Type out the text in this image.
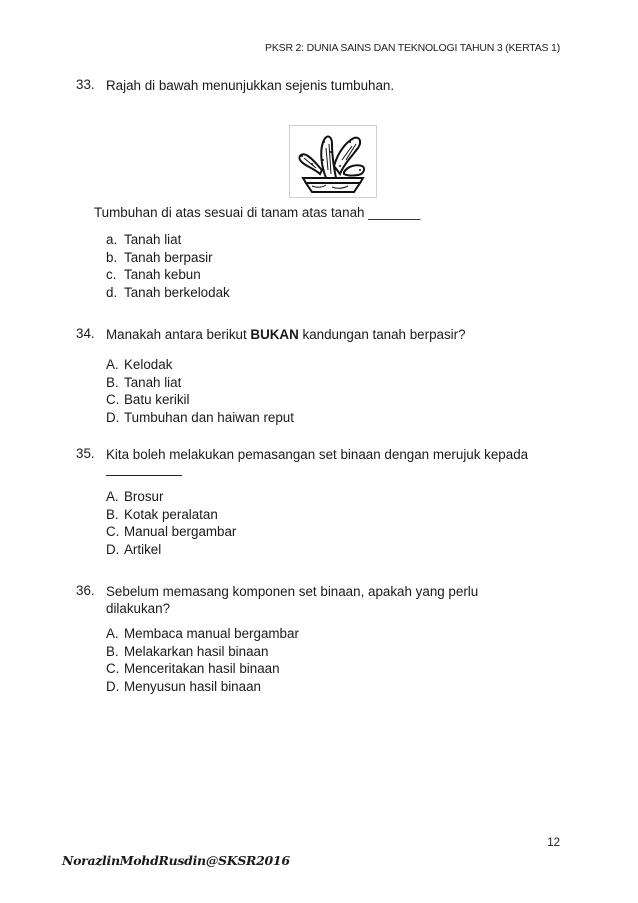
PKSR 2: DUNIA SAINS DAN TEKNOLOGI TAHUN 3 (KERTAS 1)
33. Rajah di bawah menunjukkan sejenis tumbuhan.
Tumbuhan di atas sesuai di tanam atas tanah _______
a. Tanah liat
b. Tanah berpasir
c. Tanah kebun
d. Tanah berkelodak
34. Manakah antara berikut BUKAN kandungan tanah berpasir?
A. Kelodak
B. Tanah liat
C. Batu kerikil
D. Tumbuhan dan haiwan reput
35. Kita boleh melakukan pemasangan set binaan dengan merujuk kepada

A. Brosur
B. Kotak peralatan
C. Manual bergambar
D. Artikel
36. Sebelum memasang komponen set binaan, apakah yang perlu
dilakukan?
A. Membaca manual bergambar
B. Melakarkan hasil binaan
C. Menceritakan hasil binaan
D. Menyusun hasil binaan
12
NorazlinMohdRusdin@SKSR2016
